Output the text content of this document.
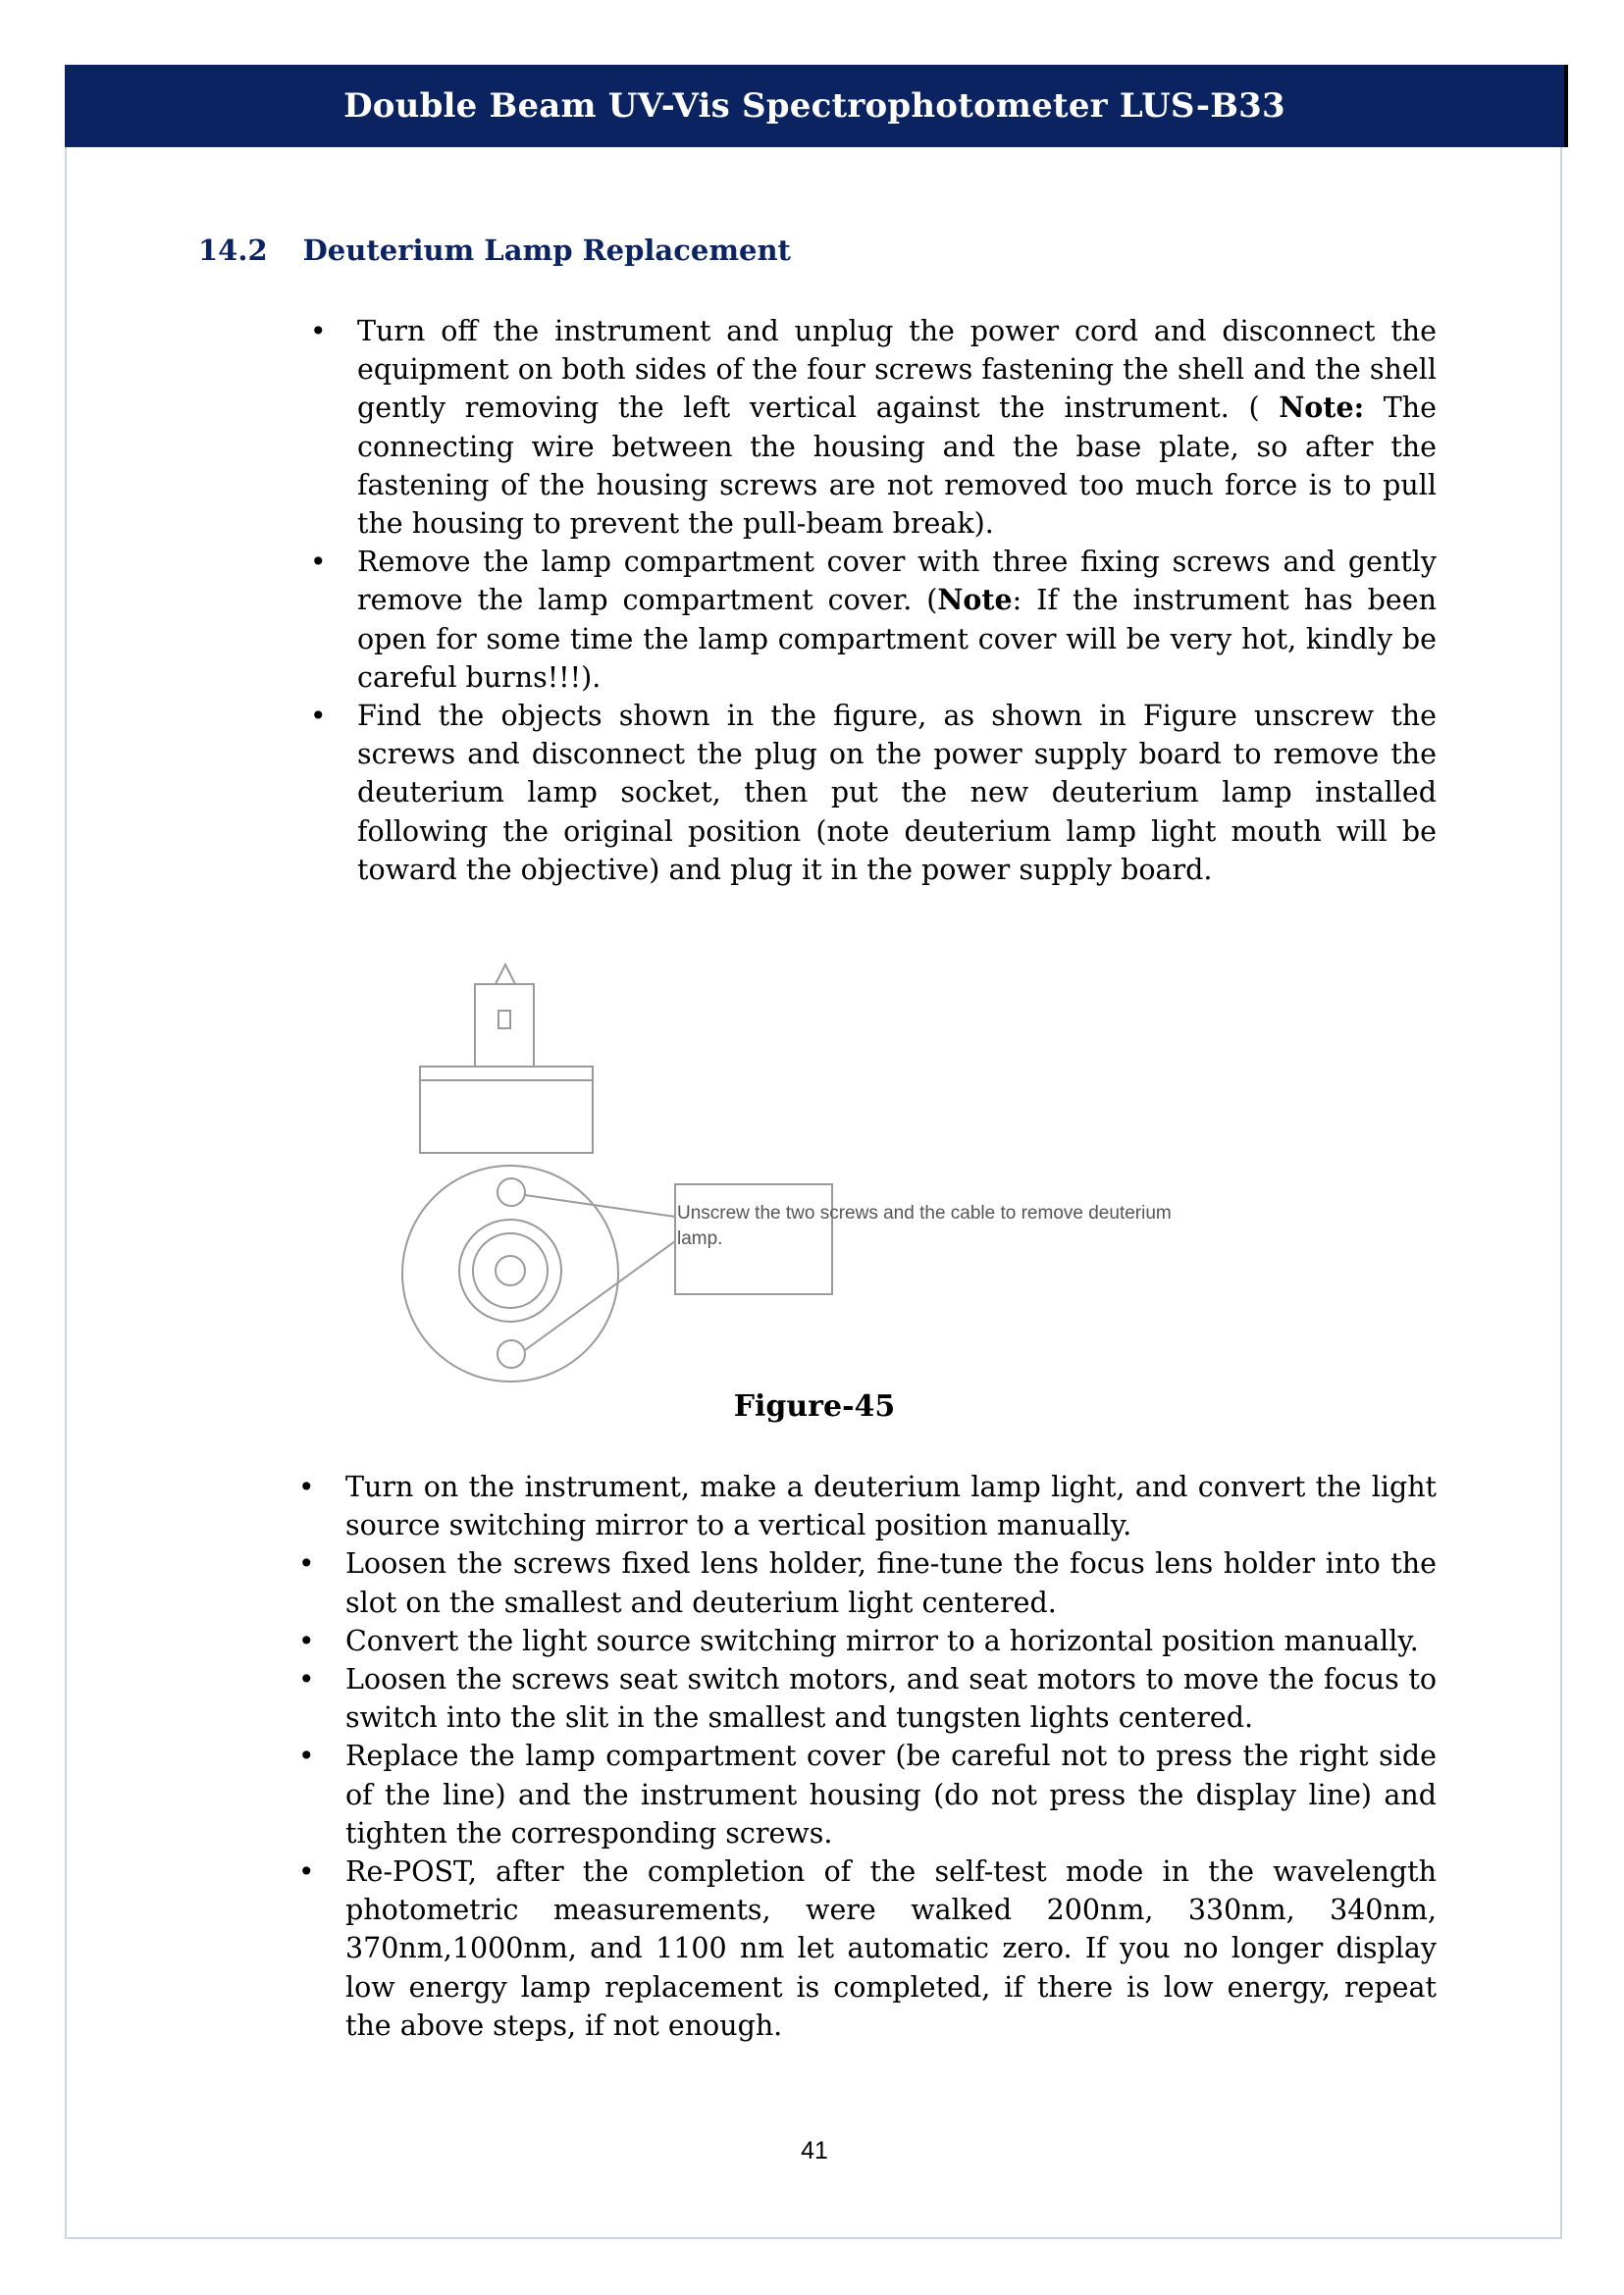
Double Beam UV-Vis Spectrophotometer LUS-B33
14.2 Deuterium Lamp Replacement
•	Turn off the instrument and unplug the power cord and disconnect the equipment on both sides of the four screws fastening the shell and the shell gently removing the left vertical against the instrument. ( Note: The connecting wire between the housing and the base plate, so after the fastening of the housing screws are not removed too much force is to pull the housing to prevent the pull-beam break).
•	Remove the lamp compartment cover with three fixing screws and gently remove the lamp compartment cover. (Note: If the instrument has been open for some time the lamp compartment cover will be very hot, kindly be careful burns!!!).
•	Find the objects shown in the figure, as shown in Figure unscrew the screws and disconnect the plug on the power supply board to remove the deuterium lamp socket, then put the new deuterium lamp installed following the original position (note deuterium lamp light mouth will be toward the objective) and plug it in the power supply board.
Unscrew the two screws and the cable to remove deuterium
lamp.
Figure-45
•	Turn on the instrument, make a deuterium lamp light, and convert the light source switching mirror to a vertical position manually.
•	Loosen the screws fixed lens holder, fine-tune the focus lens holder into the slot on the smallest and deuterium light centered.
•	Convert the light source switching mirror to a horizontal position manually.
•	Loosen the screws seat switch motors, and seat motors to move the focus to switch into the slit in the smallest and tungsten lights centered.
•	Replace the lamp compartment cover (be careful not to press the right side of the line) and the instrument housing (do not press the display line) and tighten the corresponding screws.
•	Re-POST, after the completion of the self-test mode in the wavelength photometric measurements, were walked 200nm, 330nm, 340nm, 370nm,1000nm, and 1100 nm let automatic zero. If you no longer display low energy lamp replacement is completed, if there is low energy, repeat the above steps, if not enough.
41
